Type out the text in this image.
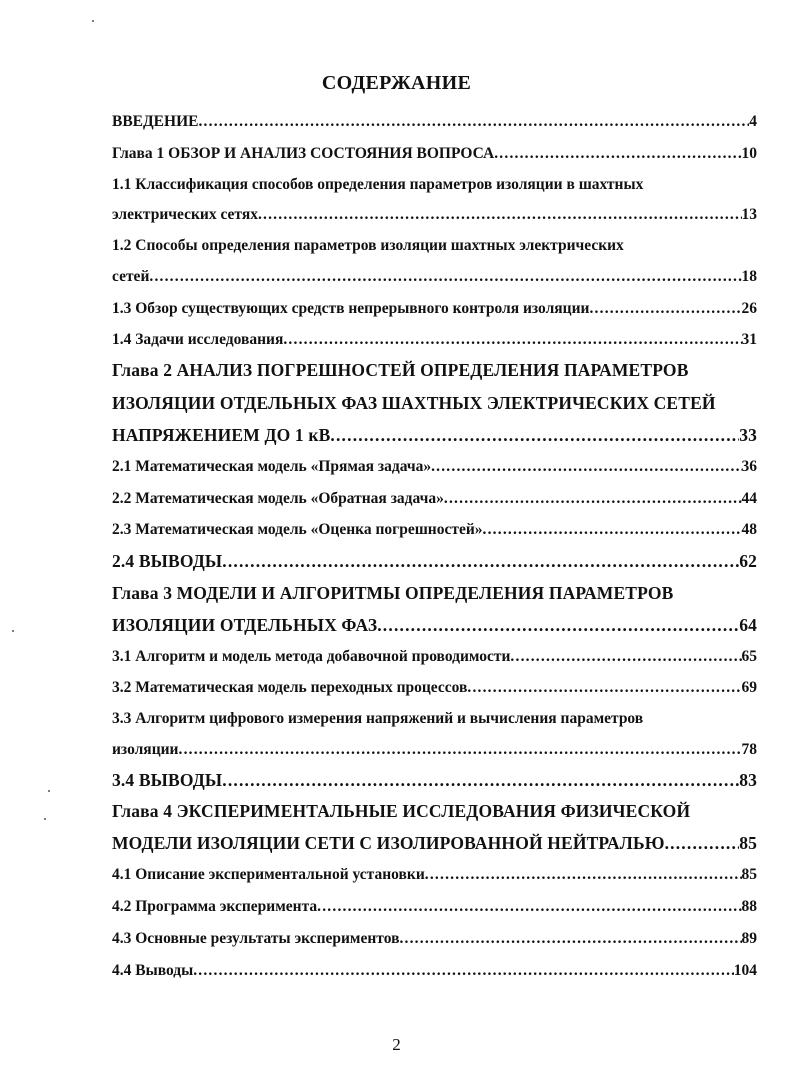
СОДЕРЖАНИЕ
ВВЕДЕНИЕ .....	4
Глава 1 ОБЗОР И АНАЛИЗ СОСТОЯНИЯ ВОПРОСА .....	10
1.1 Классификация способов определения параметров изоляции в шахтных
электрических сетях .....	13
1.2 Способы определения параметров изоляции шахтных электрических
сетей .....	18
1.3 Обзор существующих средств непрерывного контроля изоляции .....	26
1.4 Задачи исследования .....	31
Глава 2 АНАЛИЗ ПОГРЕШНОСТЕЙ ОПРЕДЕЛЕНИЯ ПАРАМЕТРОВ
ИЗОЛЯЦИИ ОТДЕЛЬНЫХ ФАЗ ШАХТНЫХ ЭЛЕКТРИЧЕСКИХ СЕТЕЙ
НАПРЯЖЕНИЕМ ДО 1 кВ .....	33
2.1 Математическая модель «Прямая задача» .....	36
2.2 Математическая модель «Обратная задача» .....	44
2.3 Математическая модель «Оценка погрешностей» .....	48
2.4 ВЫВОДЫ .....	62
Глава 3 МОДЕЛИ И АЛГОРИТМЫ ОПРЕДЕЛЕНИЯ ПАРАМЕТРОВ
ИЗОЛЯЦИИ ОТДЕЛЬНЫХ ФАЗ .....	64
3.1 Алгоритм и модель метода добавочной проводимости .....	65
3.2 Математическая модель переходных процессов .....	69
3.3 Алгоритм цифрового измерения напряжений и вычисления параметров
изоляции .....	78
3.4 ВЫВОДЫ .....	83
Глава 4 ЭКСПЕРИМЕНТАЛЬНЫЕ ИССЛЕДОВАНИЯ ФИЗИЧЕСКОЙ
МОДЕЛИ ИЗОЛЯЦИИ СЕТИ С ИЗОЛИРОВАННОЙ НЕЙТРАЛЬЮ .....	85
4.1 Описание экспериментальной установки .....	85
4.2 Программа эксперимента .....	88
4.3 Основные результаты экспериментов .....	89
4.4 Выводы .....	104
2
